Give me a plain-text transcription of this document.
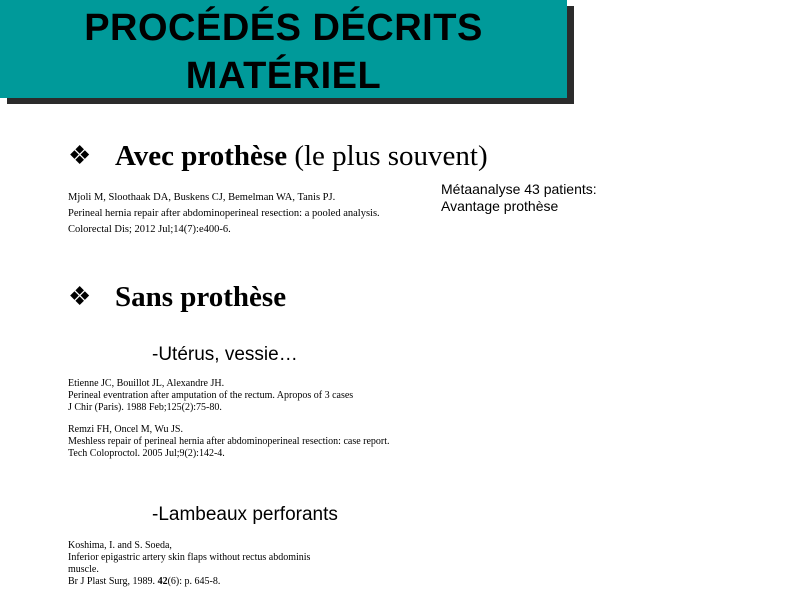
PROCÉDÉS DÉCRITS
MATÉRIEL
❖ Avec prothèse (le plus souvent)
Mjoli M, Sloothaak DA, Buskens CJ, Bemelman WA, Tanis PJ.
Perineal hernia repair after abdominoperineal resection: a pooled analysis.
Colorectal Dis; 2012 Jul;14(7):e400-6.
Métaanalyse 43 patients:
Avantage prothèse
❖ Sans prothèse
-Utérus, vessie…
Etienne JC, Bouillot JL, Alexandre JH.
Perineal eventration after amputation of the rectum. Apropos of 3 cases
J Chir (Paris). 1988 Feb;125(2):75-80.
Remzi FH, Oncel M, Wu JS.
Meshless repair of perineal hernia after abdominoperineal resection: case report.
Tech Coloproctol. 2005 Jul;9(2):142-4.
-Lambeaux perforants
Koshima, I. and S. Soeda,
Inferior epigastric artery skin flaps without rectus abdominis
muscle.
Br J Plast Surg, 1989. 42(6): p. 645-8.
